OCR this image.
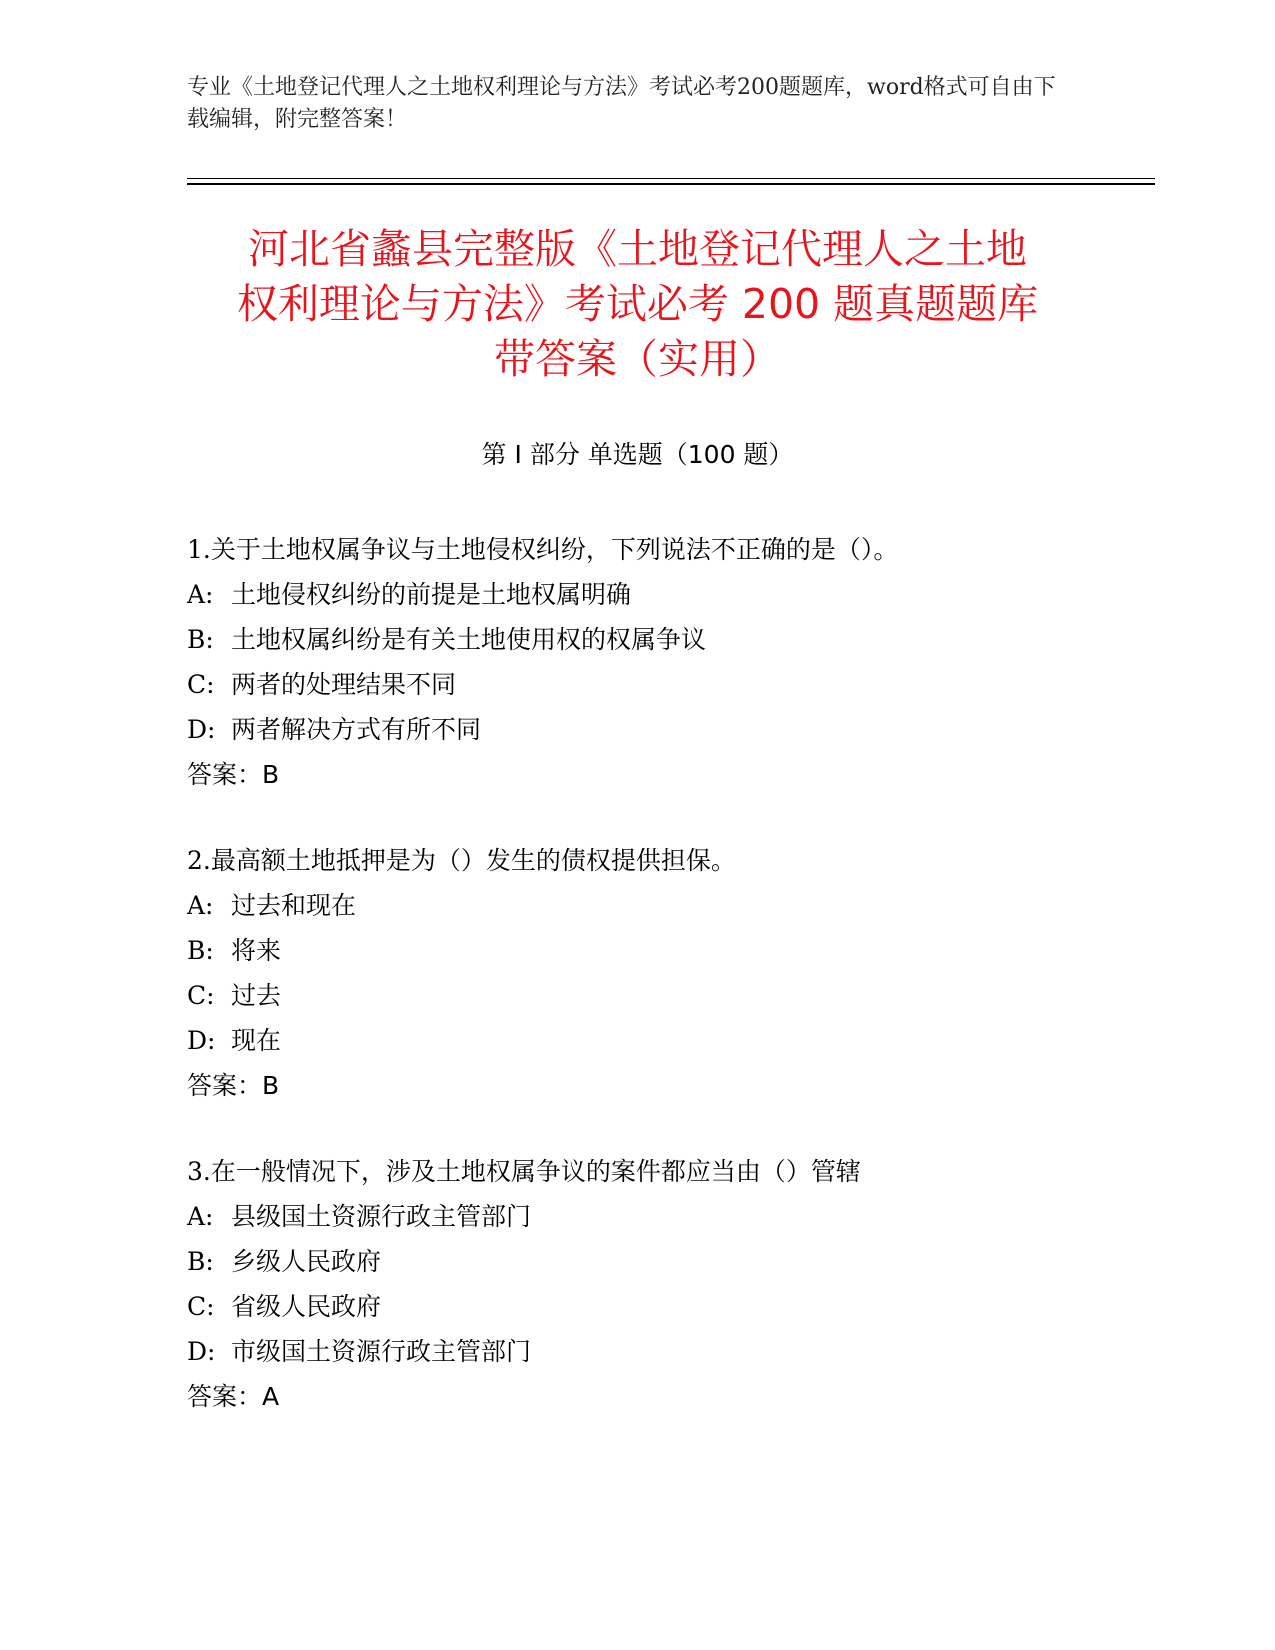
专业《土地登记代理人之土地权利理论与方法》考试必考200题题库，word格式可自由下载编辑，附完整答案！
河北省蠡县完整版《土地登记代理人之土地
权利理论与方法》考试必考 200 题真题题库
带答案（实用）
第 I 部分 单选题（100 题）
1.关于土地权属争议与土地侵权纠纷，下列说法不正确的是（）。
A: 土地侵权纠纷的前提是土地权属明确
B: 土地权属纠纷是有关土地使用权的权属争议
C: 两者的处理结果不同
D: 两者解决方式有所不同
答案：B
2.最高额土地抵押是为（）发生的债权提供担保。
A: 过去和现在
B: 将来
C: 过去
D: 现在
答案：B
3.在一般情况下，涉及土地权属争议的案件都应当由（）管辖
A: 县级国土资源行政主管部门
B: 乡级人民政府
C: 省级人民政府
D: 市级国土资源行政主管部门
答案：A
